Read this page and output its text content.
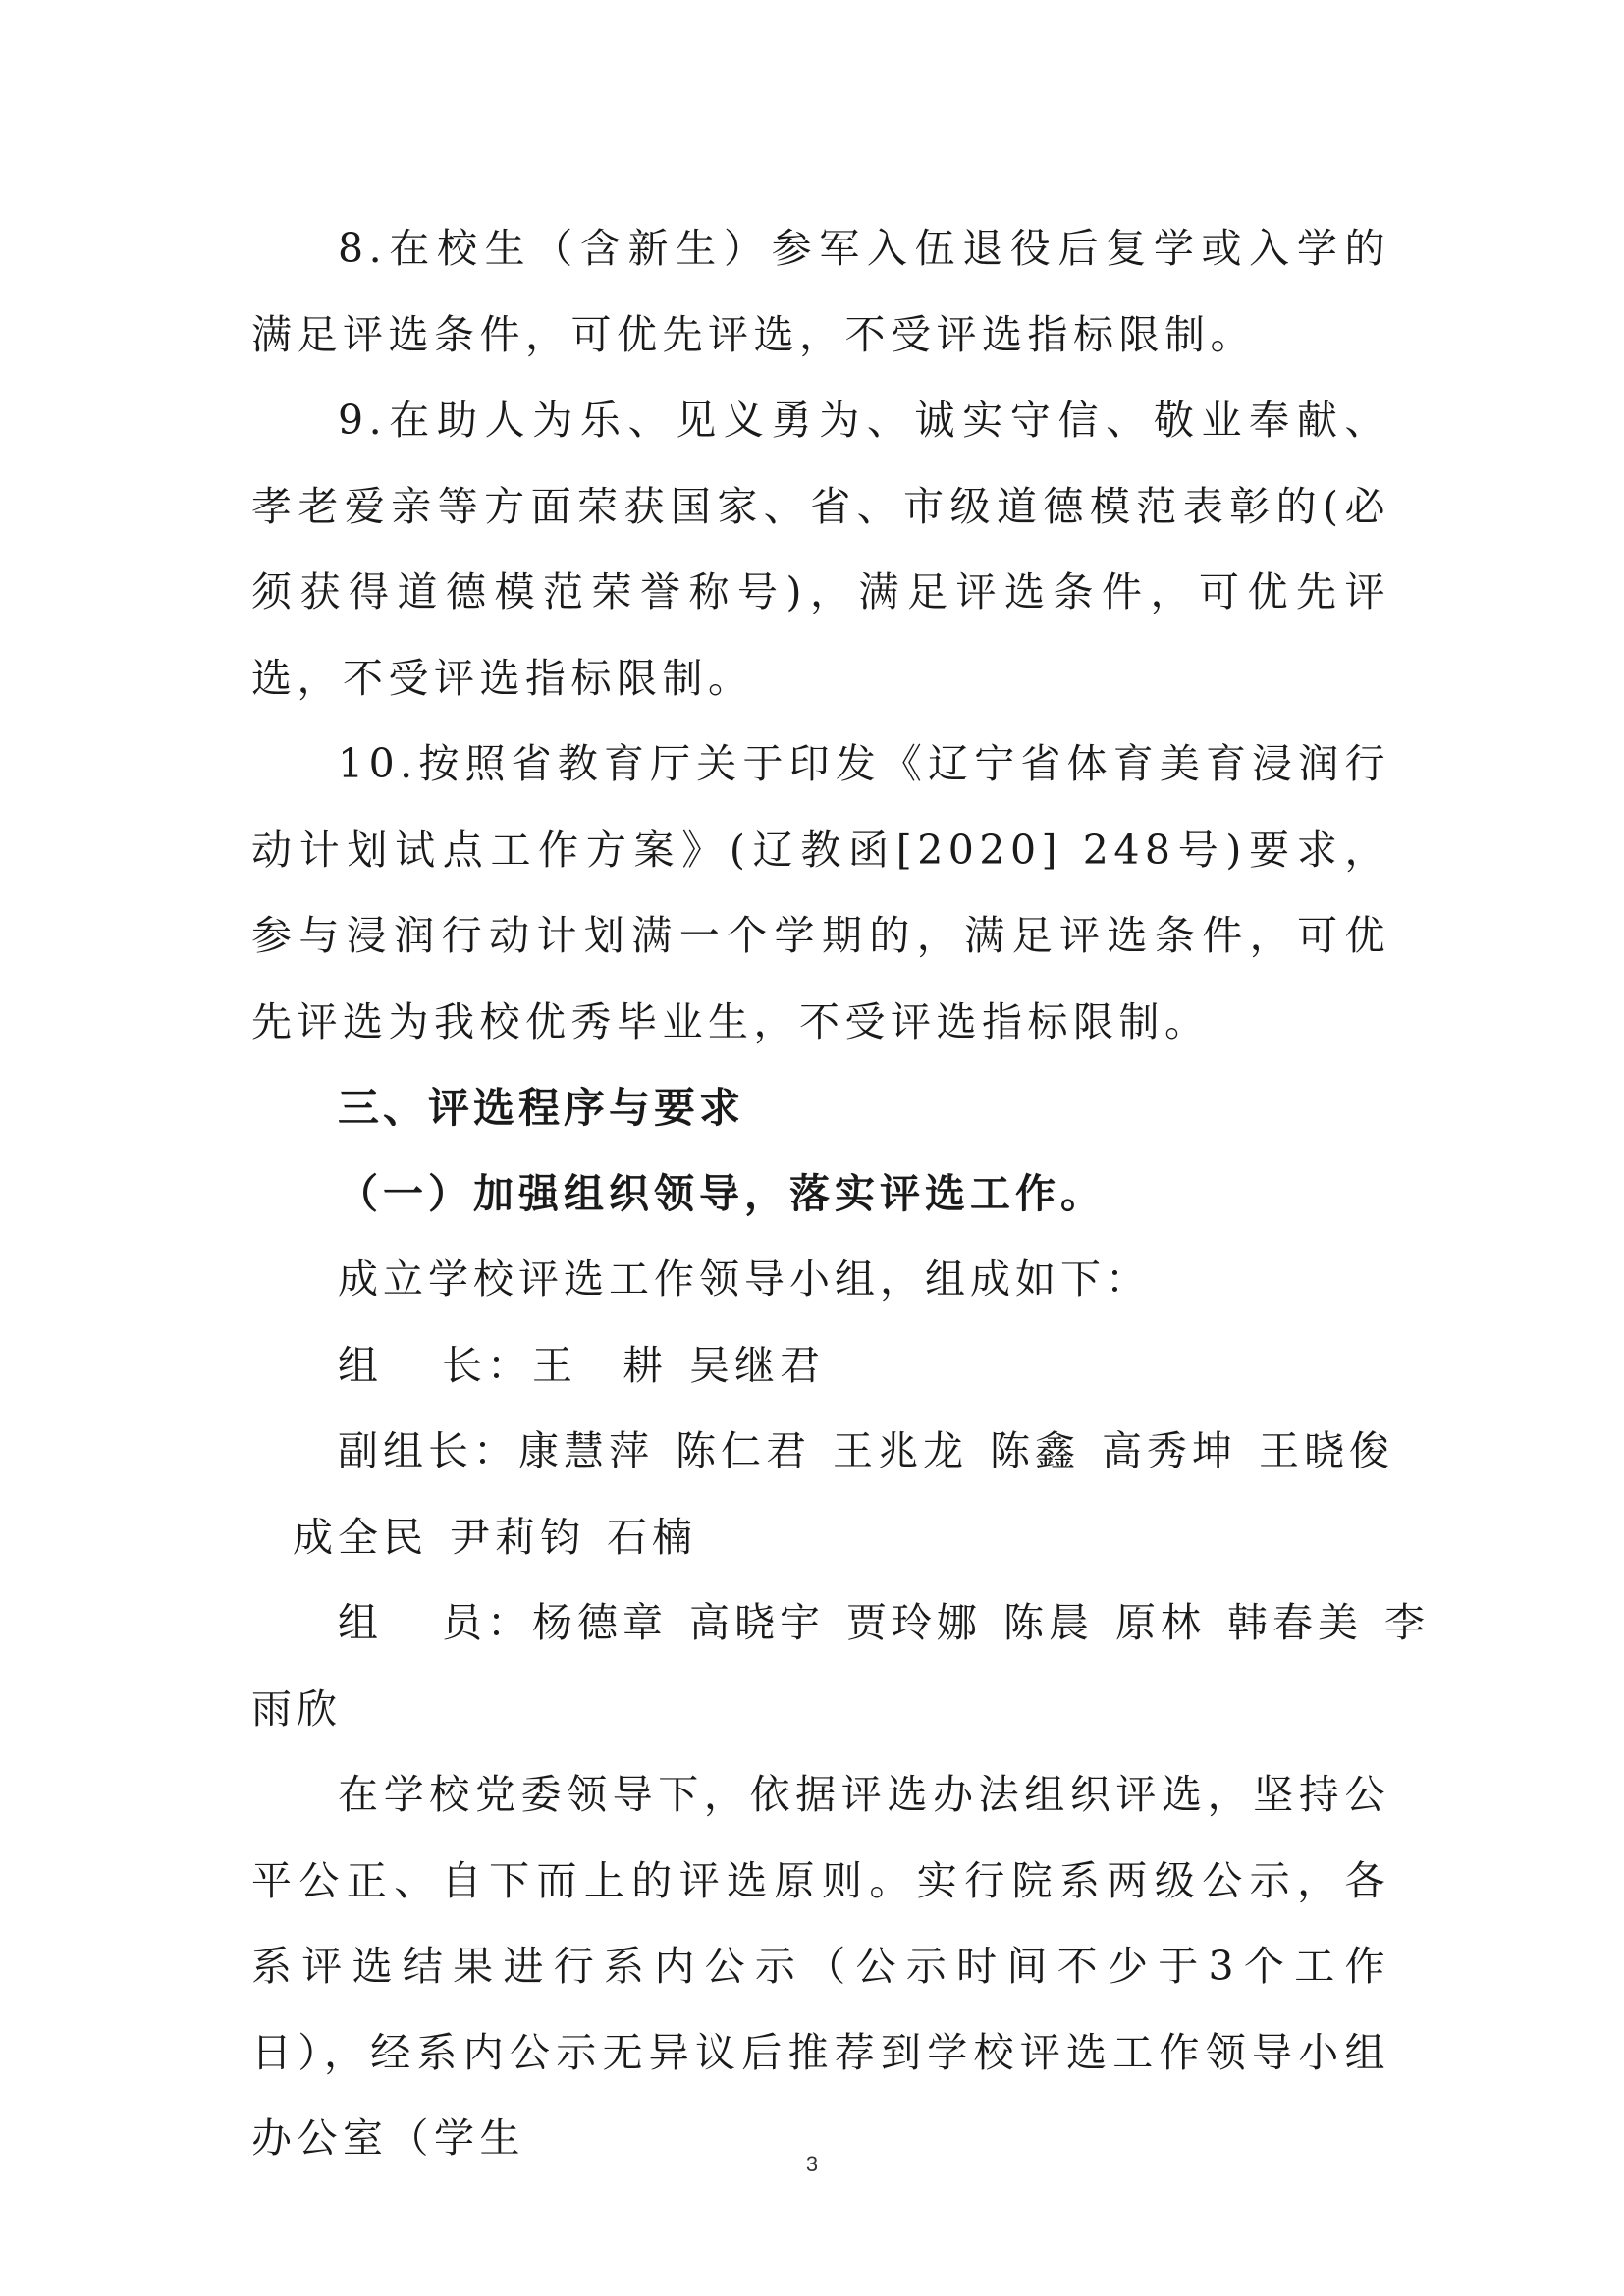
8.在校生（含新生）参军入伍退役后复学或入学的满足评选条件，可优先评选，不受评选指标限制。

9.在助人为乐、见义勇为、诚实守信、敬业奉献、孝老爱亲等方面荣获国家、省、市级道德模范表彰的(必须获得道德模范荣誉称号)，满足评选条件，可优先评选，不受评选指标限制。

10.按照省教育厅关于印发《辽宁省体育美育浸润行动计划试点工作方案》(辽教函[2020] 248号)要求，参与浸润行动计划满一个学期的，满足评选条件，可优先评选为我校优秀毕业生，不受评选指标限制。

三、评选程序与要求

（一）加强组织领导，落实评选工作。

成立学校评选工作领导小组，组成如下：

组 长：王　耕 吴继君

副组长：康慧萍 陈仁君 王兆龙 陈鑫 高秀坤 王晓俊

成全民 尹莉钧 石楠

组 员：杨德章 高晓宇 贾玲娜 陈晨 原林 韩春美 李

雨欣

在学校党委领导下，依据评选办法组织评选，坚持公平公正、自下而上的评选原则。实行院系两级公示，各系评选结果进行系内公示（公示时间不少于3个工作日），经系内公示无异议后推荐到学校评选工作领导小组办公室（学生

3
